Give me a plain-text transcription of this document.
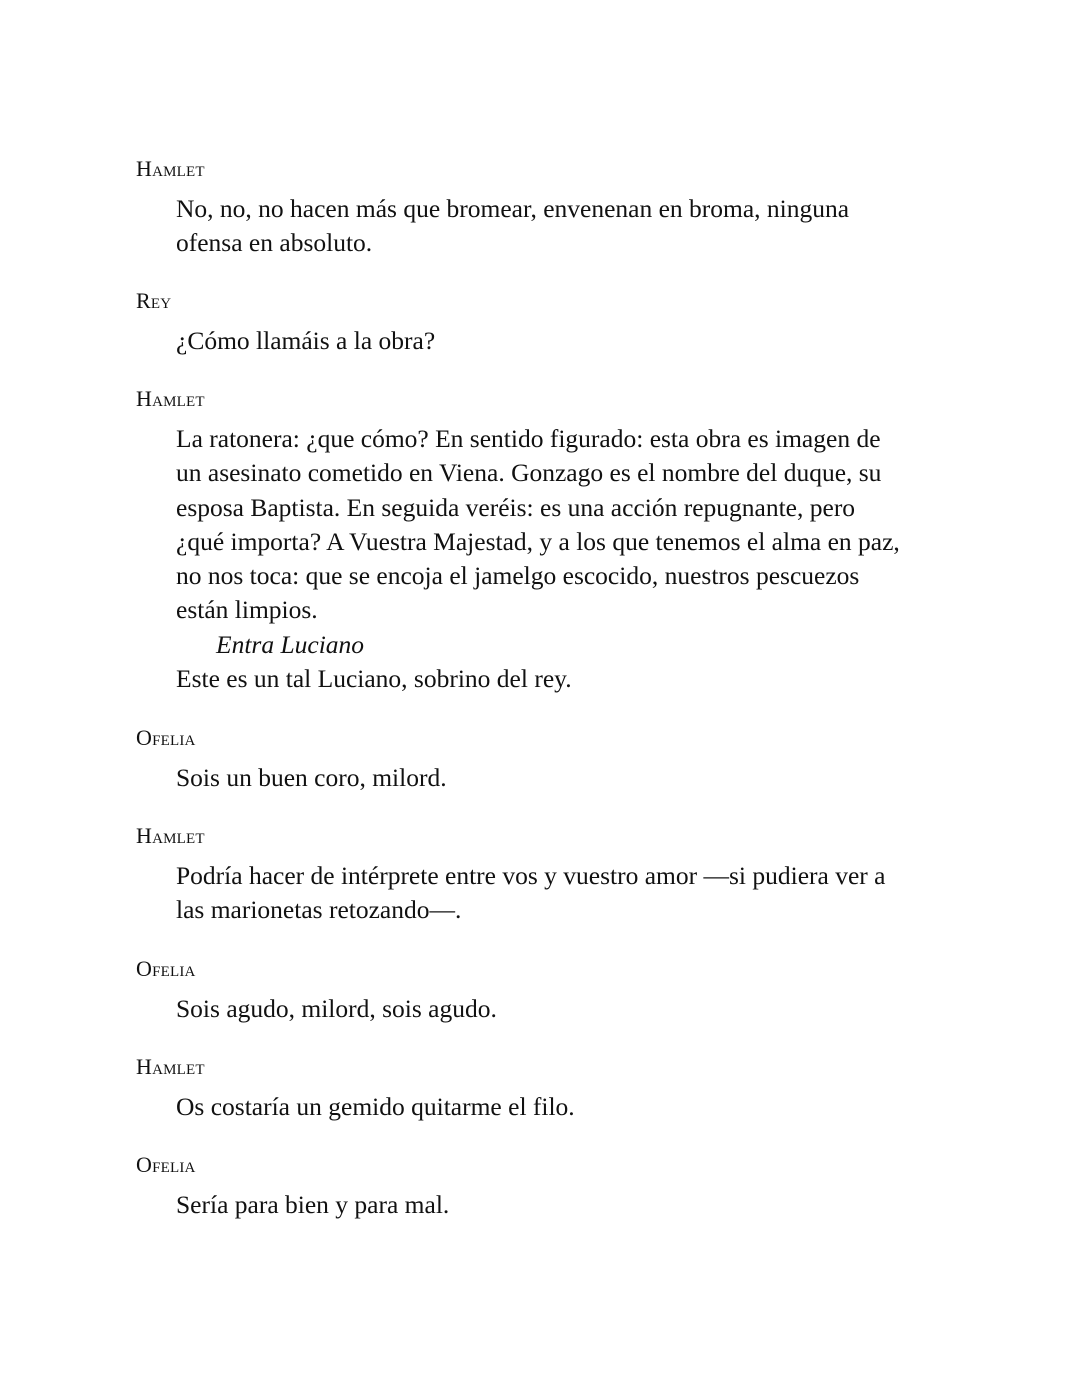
Hamlet

No, no, no hacen más que bromear, envenenan en broma, ninguna

ofensa en absoluto.

Rey

¿Cómo llamáis a la obra?

Hamlet

La ratonera: ¿que cómo? En sentido figurado: esta obra es imagen de

un asesinato cometido en Viena. Gonzago es el nombre del duque, su

esposa Baptista. En seguida veréis: es una acción repugnante, pero

¿qué importa? A Vuestra Majestad, y a los que tenemos el alma en paz,

no nos toca: que se encoja el jamelgo escocido, nuestros pescuezos

están limpios.

Entra Luciano

Este es un tal Luciano, sobrino del rey.

Ofelia

Sois un buen coro, milord.

Hamlet

Podría hacer de intérprete entre vos y vuestro amor —si pudiera ver a

las marionetas retozando—.

Ofelia

Sois agudo, milord, sois agudo.

Hamlet

Os costaría un gemido quitarme el filo.

Ofelia

Sería para bien y para mal.
